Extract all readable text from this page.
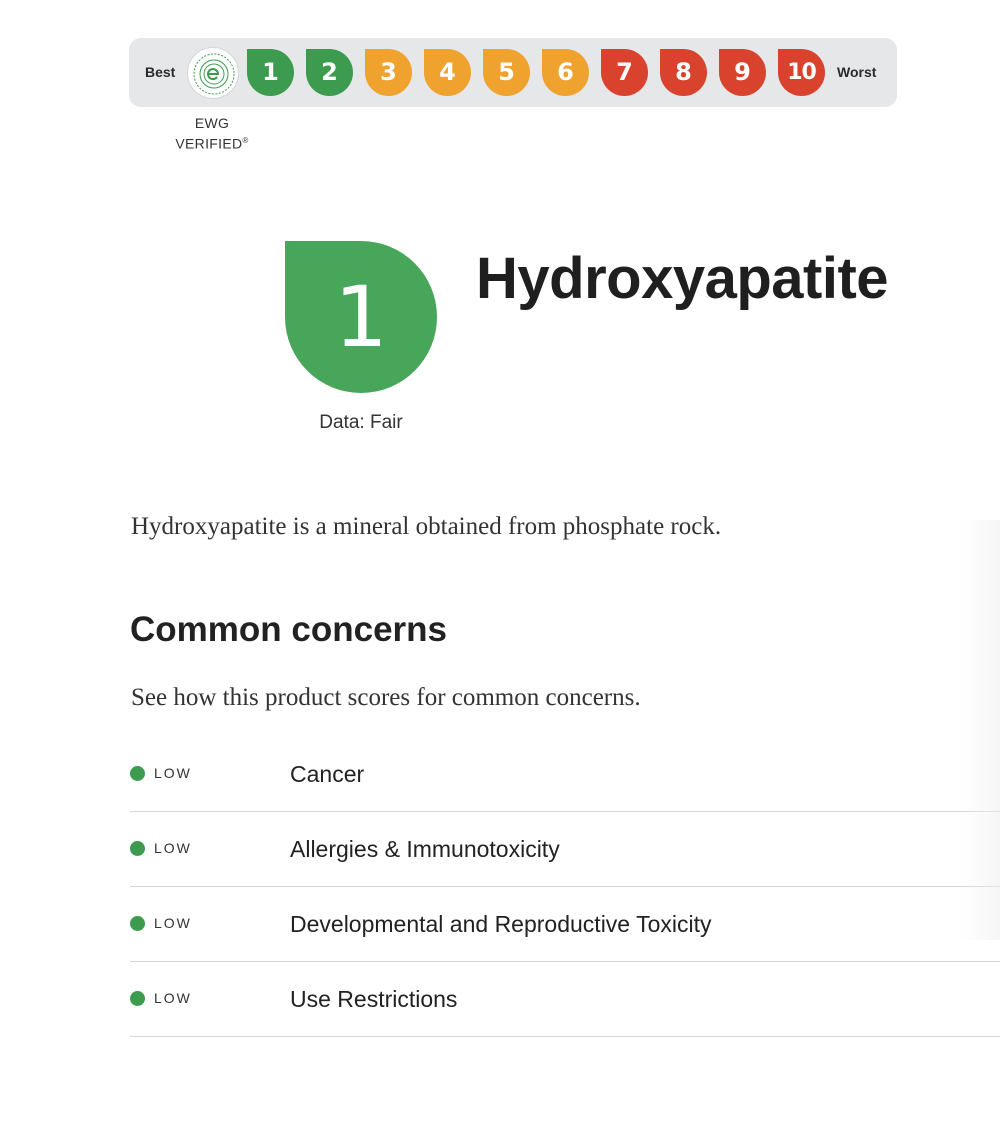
Best	1	2	3	4	5	6	7	8	9	10	Worst
EWG
VERIFIED®
1
Data: Fair
Hydroxyapatite

Hydroxyapatite is a mineral obtained from phosphate rock.

Common concerns

See how this product scores for common concerns.

LOW	Cancer
LOW	Allergies & Immunotoxicity
LOW	Developmental and Reproductive Toxicity
LOW	Use Restrictions
